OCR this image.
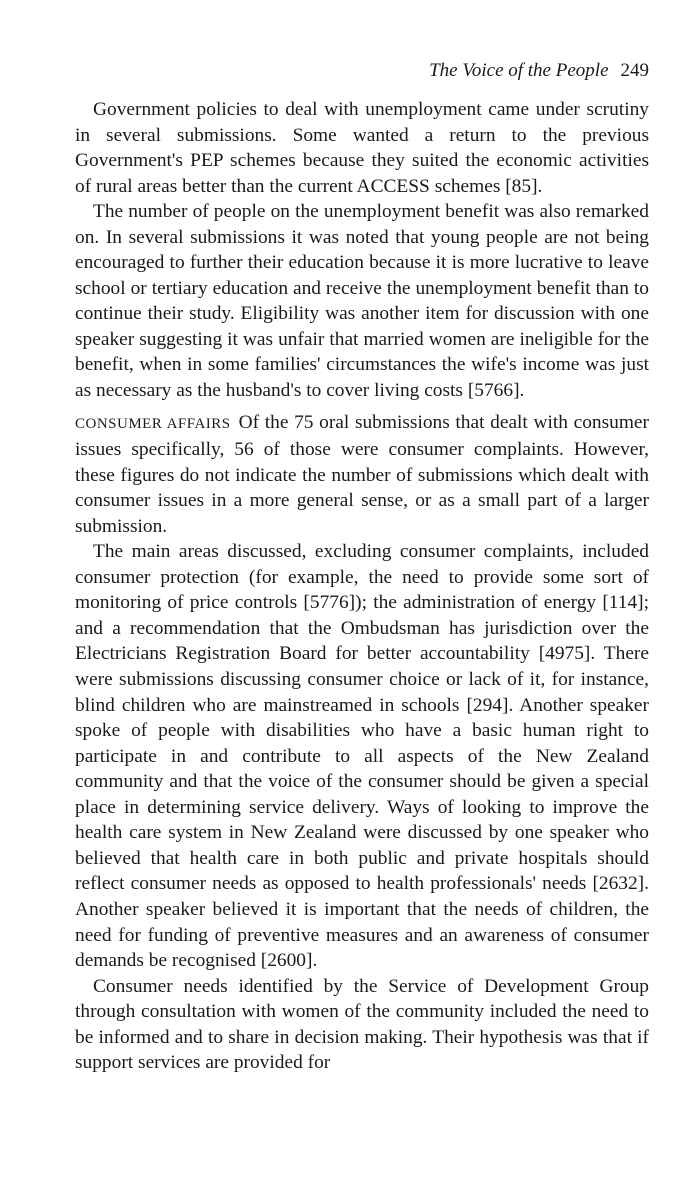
The Voice of the People 249

Government policies to deal with unemployment came under scrutiny in several submissions. Some wanted a return to the previous Government's PEP schemes because they suited the economic activities of rural areas better than the current ACCESS schemes [85].

The number of people on the unemployment benefit was also remarked on. In several submissions it was noted that young people are not being encouraged to further their education because it is more lucrative to leave school or tertiary education and receive the unemployment benefit than to continue their study. Eligibility was another item for discussion with one speaker suggesting it was unfair that married women are ineligible for the benefit, when in some families' circumstances the wife's income was just as necessary as the husband's to cover living costs [5766].

CONSUMER AFFAIRS Of the 75 oral submissions that dealt with consumer issues specifically, 56 of those were consumer complaints. However, these figures do not indicate the number of submissions which dealt with consumer issues in a more general sense, or as a small part of a larger submission.

The main areas discussed, excluding consumer complaints, included consumer protection (for example, the need to provide some sort of monitoring of price controls [5776]); the administration of energy [114]; and a recommendation that the Ombudsman has jurisdiction over the Electricians Registration Board for better accountability [4975]. There were submissions discussing consumer choice or lack of it, for instance, blind children who are mainstreamed in schools [294]. Another speaker spoke of people with disabilities who have a basic human right to participate in and contribute to all aspects of the New Zealand community and that the voice of the consumer should be given a special place in determining service delivery. Ways of looking to improve the health care system in New Zealand were discussed by one speaker who believed that health care in both public and private hospitals should reflect consumer needs as opposed to health professionals' needs [2632]. Another speaker believed it is important that the needs of children, the need for funding of preventive measures and an awareness of consumer demands be recognised [2600].

Consumer needs identified by the Service of Development Group through consultation with women of the community included the need to be informed and to share in decision making. Their hypothesis was that if support services are provided for
